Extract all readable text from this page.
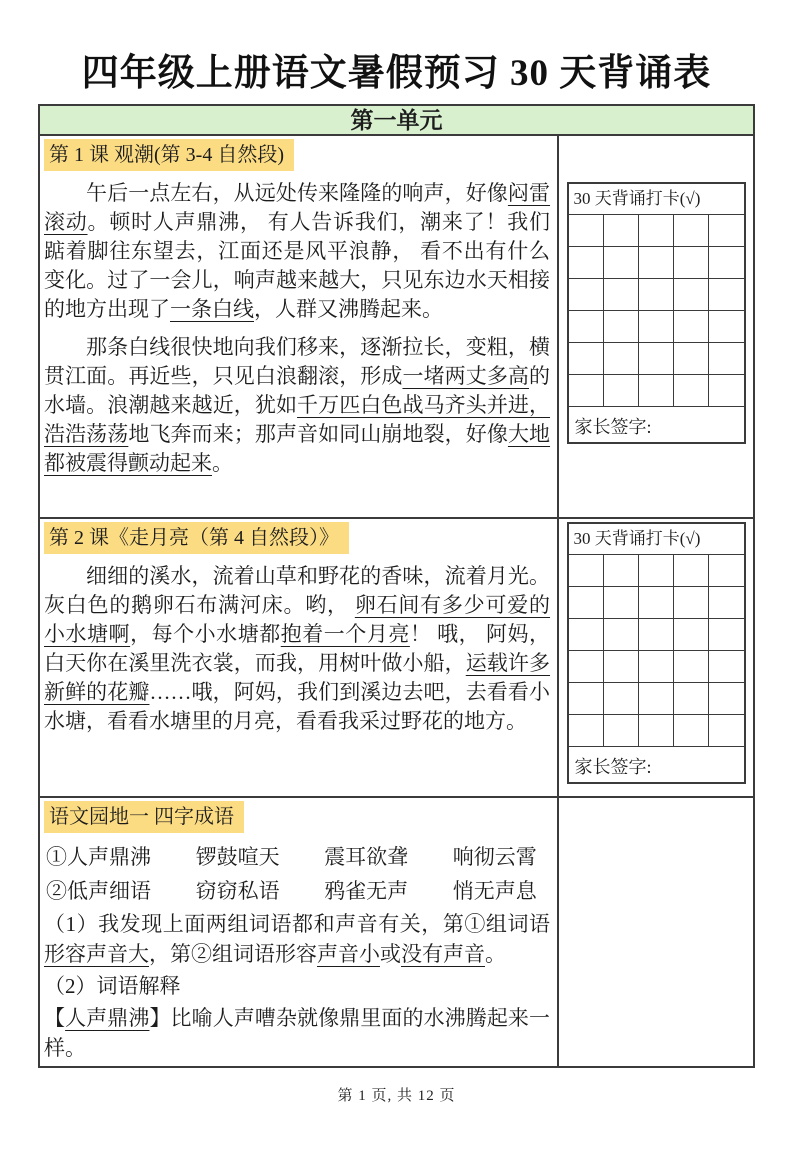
四年级上册语文暑假预习 30 天背诵表
第一单元
第 1 课 观潮(第 3-4 自然段)

午后一点左右，从远处传来隆隆的响声，好像闷雷滚动。顿时人声鼎沸， 有人告诉我们，潮来了！我们踮着脚往东望去，江面还是风平浪静， 看不出有什么变化。过了一会儿，响声越来越大，只见东边水天相接的地方出现了一条白线，人群又沸腾起来。

那条白线很快地向我们移来，逐渐拉长，变粗，横贯江面。再近些，只见白浪翻滚，形成一堵两丈多高的水墙。浪潮越来越近，犹如千万匹白色战马齐头并进，浩浩荡荡地飞奔而来；那声音如同山崩地裂，好像大地都被震得颤动起来。

30 天背诵打卡(√)
家长签字:
第 2 课《走月亮（第 4 自然段）》

细细的溪水，流着山草和野花的香味，流着月光。灰白色的鹅卵石布满河床。哟， 卵石间有多少可爱的小水塘啊，每个小水塘都抱着一个月亮！ 哦， 阿妈，白天你在溪里洗衣裳，而我，用树叶做小船，运载许多新鲜的花瓣……哦，阿妈，我们到溪边去吧，去看看小水塘，看看水塘里的月亮，看看我采过野花的地方。

30 天背诵打卡(√)
家长签字:
语文园地一 四字成语
①人声鼎沸 锣鼓喧天 震耳欲聋 响彻云霄
②低声细语 窃窃私语 鸦雀无声 悄无声息

（1）我发现上面两组词语都和声音有关，第①组词语形容声音大，第②组词语形容声音小或没有声音。

（2）词语解释

【人声鼎沸】比喻人声嘈杂就像鼎里面的水沸腾起来一样。

第 1 页, 共 12 页
